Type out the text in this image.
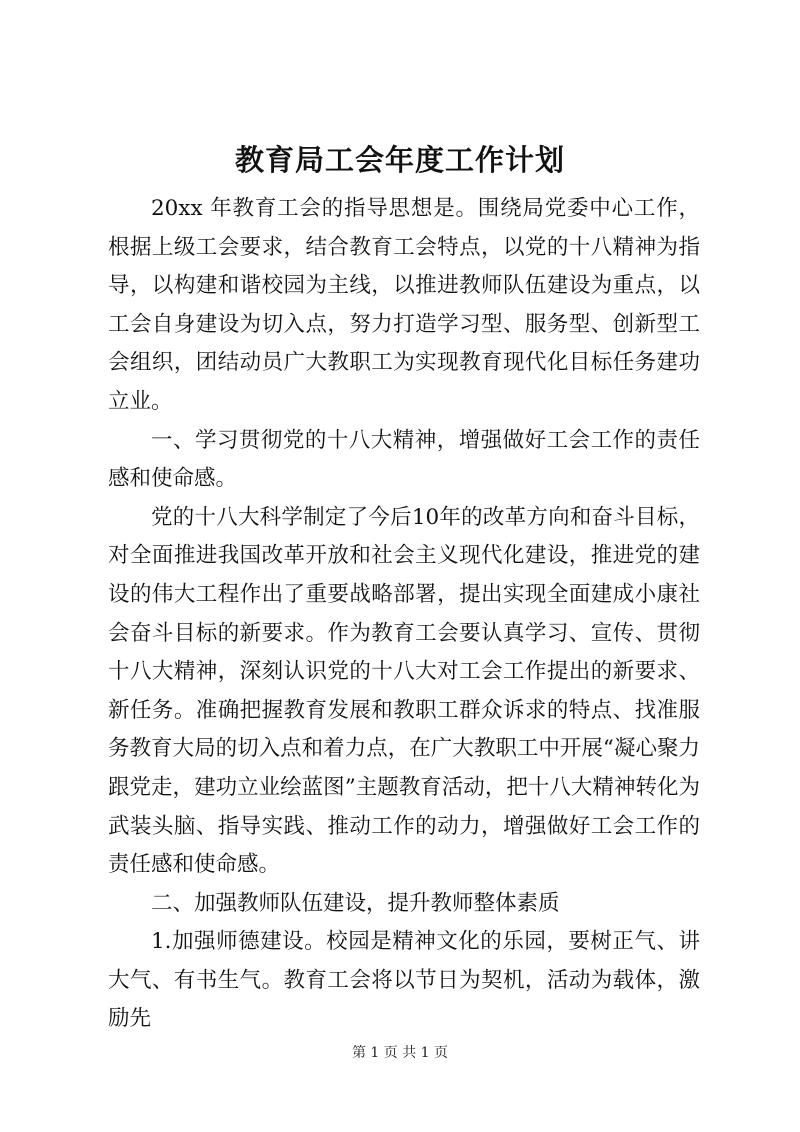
教育局工会年度工作计划

20xx 年教育工会的指导思想是。围绕局党委中心工作，根据上级工会要求，结合教育工会特点，以党的十八精神为指导，以构建和谐校园为主线，以推进教师队伍建设为重点，以工会自身建设为切入点，努力打造学习型、服务型、创新型工会组织，团结动员广大教职工为实现教育现代化目标任务建功立业。

一、学习贯彻党的十八大精神，增强做好工会工作的责任感和使命感。

党的十八大科学制定了今后10年的改革方向和奋斗目标，对全面推进我国改革开放和社会主义现代化建设，推进党的建设的伟大工程作出了重要战略部署，提出实现全面建成小康社会奋斗目标的新要求。作为教育工会要认真学习、宣传、贯彻十八大精神，深刻认识党的十八大对工会工作提出的新要求、新任务。准确把握教育发展和教职工群众诉求的特点、找准服务教育大局的切入点和着力点，在广大教职工中开展“凝心聚力跟党走，建功立业绘蓝图”主题教育活动，把十八大精神转化为武装头脑、指导实践、推动工作的动力，增强做好工会工作的责任感和使命感。

二、加强教师队伍建设，提升教师整体素质

1.加强师德建设。校园是精神文化的乐园，要树正气、讲大气、有书生气。教育工会将以节日为契机，活动为载体，激励先

第 1 页 共 1 页
